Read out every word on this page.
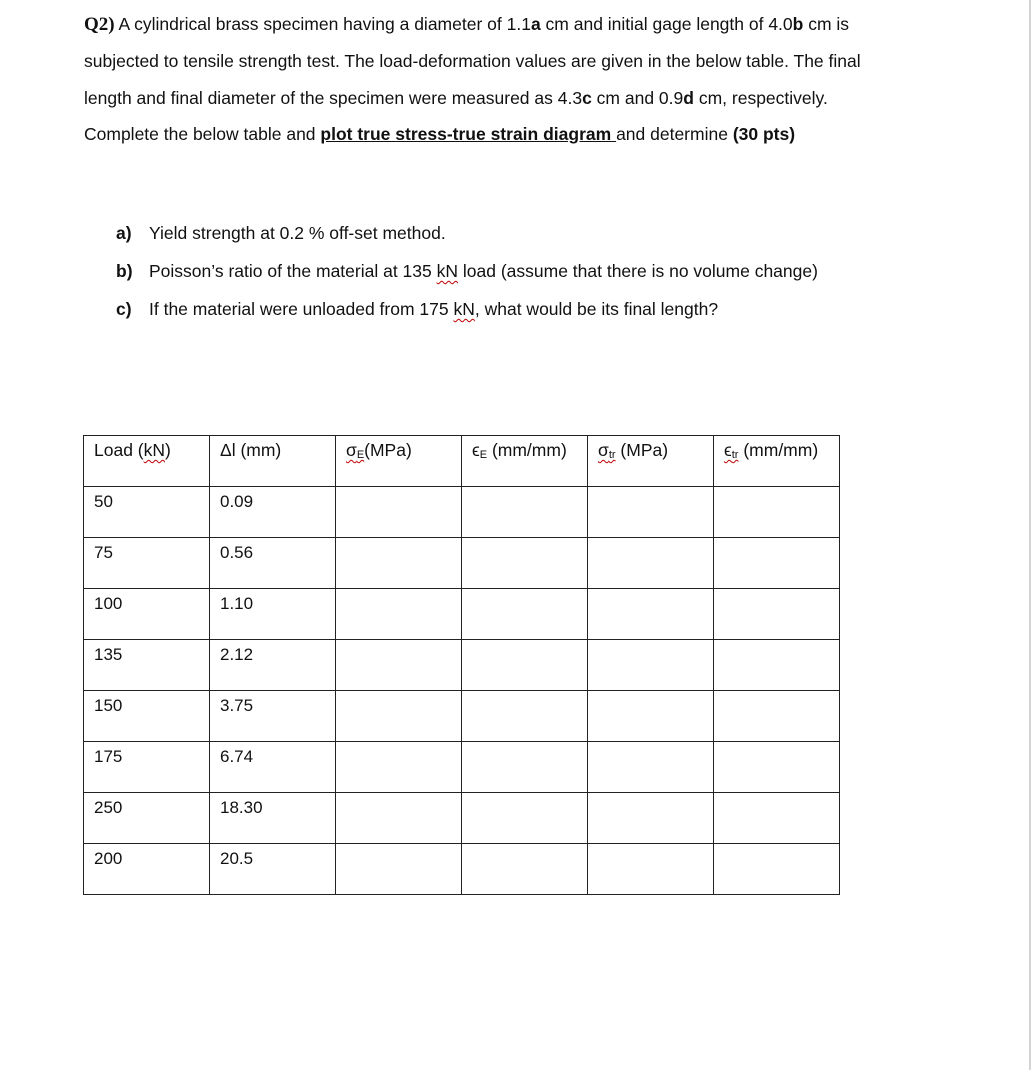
Q2) A cylindrical brass specimen having a diameter of 1.1a cm and initial gage length of 4.0b cm is

subjected to tensile strength test. The load-deformation values are given in the below table. The final

length and final diameter of the specimen were measured as 4.3c cm and 0.9d cm, respectively.

Complete the below table and plot true stress-true strain diagram and determine (30 pts)

a) Yield strength at 0.2 % off-set method.
b) Poisson’s ratio of the material at 135 kN load (assume that there is no volume change)
c) If the material were unloaded from 175 kN, what would be its final length?
Load (kN)	Δl (mm)	σE(MPa)	ϵE (mm/mm)	σtr (MPa)	ϵtr (mm/mm)
50	0.09				
75	0.56				
100	1.10				
135	2.12				
150	3.75				
175	6.74				
250	18.30				
200	20.5				
